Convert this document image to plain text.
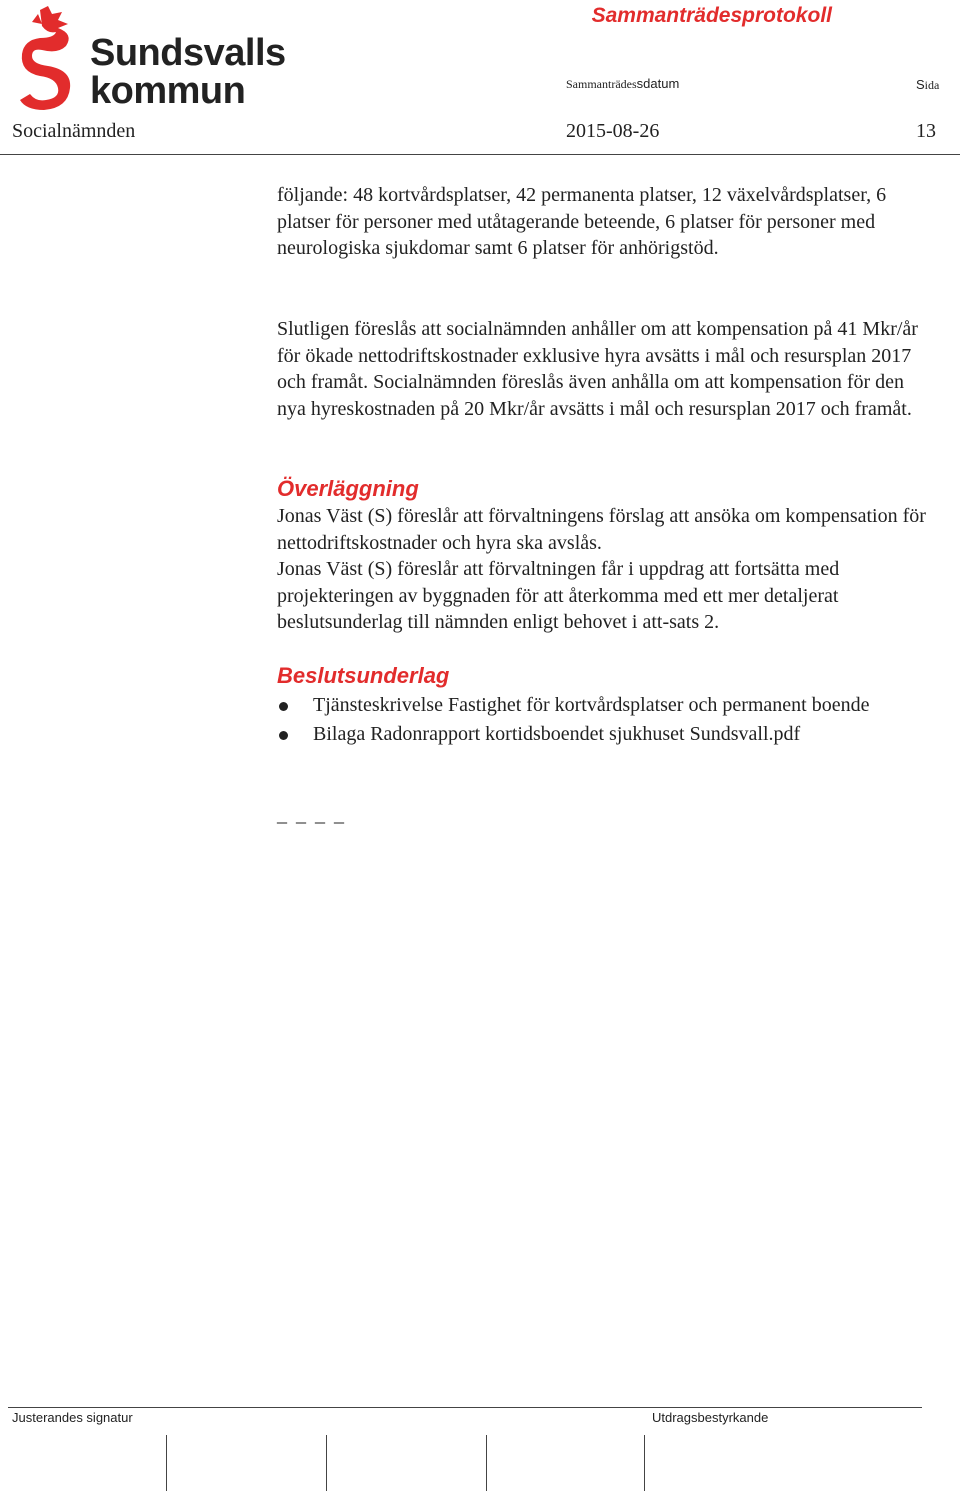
Sundsvalls
kommun
Sammanträdesprotokoll
Sammanträdessdatum	Sida
Socialnämnden	2015-08-26	13

följande: 48 kortvårdsplatser, 42 permanenta platser, 12 växelvårdsplatser, 6 platser för personer med utåtagerande beteende, 6 platser för personer med neurologiska sjukdomar samt 6 platser för anhörigstöd.

Slutligen föreslås att socialnämnden anhåller om att kompensation på 41 Mkr/år för ökade nettodriftskostnader exklusive hyra avsätts i mål och resursplan 2017 och framåt. Socialnämnden föreslås även anhålla om att kompensation för den nya hyreskostnaden på 20 Mkr/år avsätts i mål och resursplan 2017 och framåt.

Överläggning

Jonas Väst (S) föreslår att förvaltningens förslag att ansöka om kompensation för nettodriftskostnader och hyra ska avslås.

Jonas Väst (S) föreslår att förvaltningen får i uppdrag att fortsätta med projekteringen av byggnaden för att återkomma med ett mer detaljerat beslutsunderlag till nämnden enligt behovet i att-sats 2.

Beslutsunderlag
Tjänsteskrivelse Fastighet för kortvårdsplatser och permanent boende
Bilaga Radonrapport kortidsboendet sjukhuset Sundsvall.pdf
_ _ _ _
Justerandes signatur	Utdragsbestyrkande
